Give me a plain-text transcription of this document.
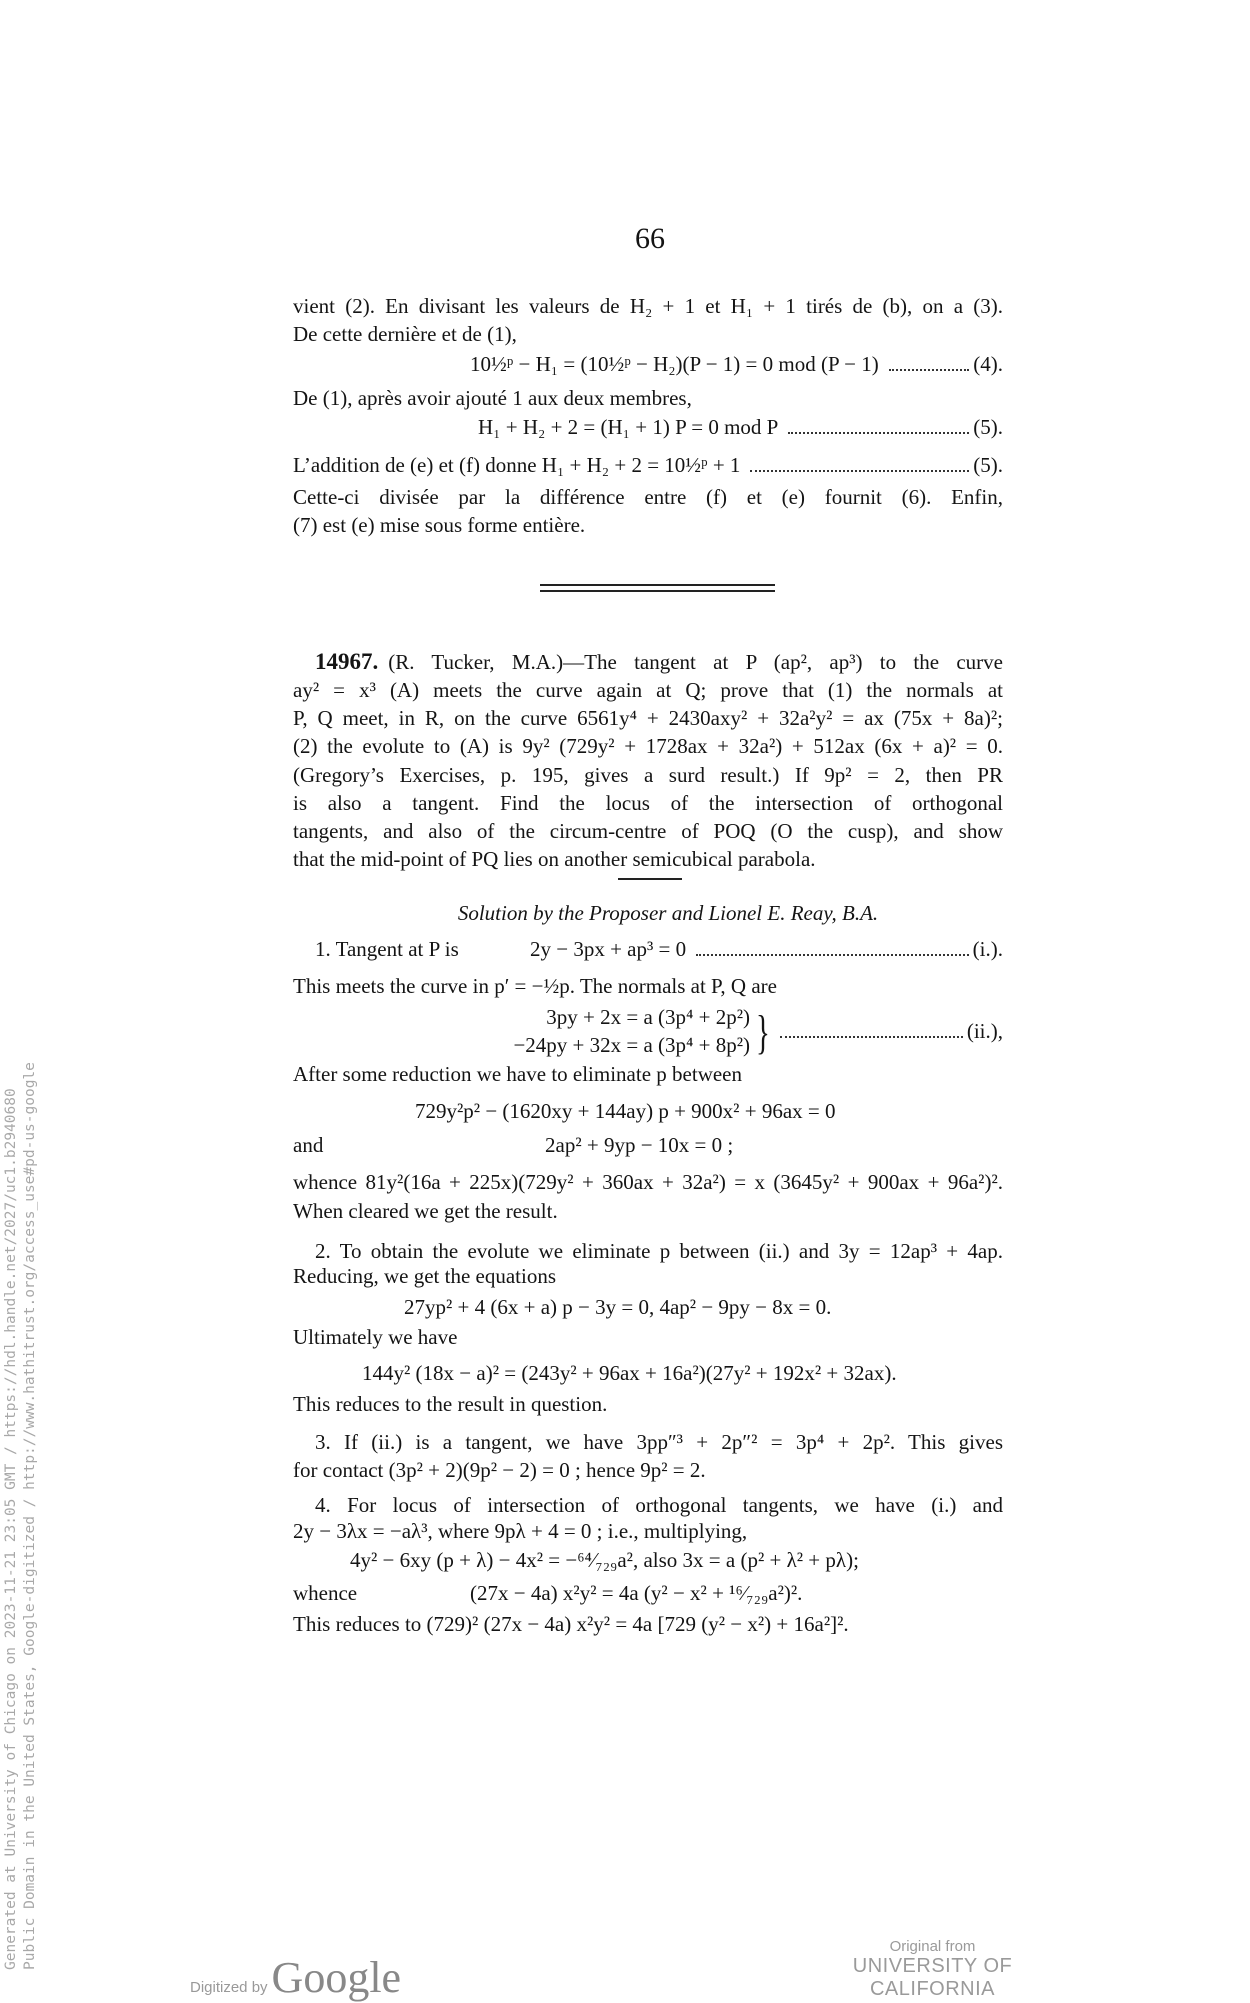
66
vient (2). En divisant les valeurs de H₂ + 1 et H₁ + 1 tirés de (b), on a (3).
De cette dernière et de (1),
10½ᵖ − H₁ = (10½ᵖ − H₂)(P − 1) = 0 mod (P − 1)	(4).
De (1), après avoir ajouté 1 aux deux membres,
H₁ + H₂ + 2 = (H₁ + 1) P = 0 mod P	(5).
L’addition de (e) et (f) donne H₁ + H₂ + 2 = 10½ᵖ + 1	(5).
Cette-ci divisée par la différence entre (f) et (e) fournit (6). Enfin,
(7) est (e) mise sous forme entière.
14967. (R. Tucker, M.A.)—The tangent at P (ap², ap³) to the curve
ay² = x³ (A) meets the curve again at Q; prove that (1) the normals at
P, Q meet, in R, on the curve 6561y⁴ + 2430axy² + 32a²y² = ax (75x + 8a)²;
(2) the evolute to (A) is 9y² (729y² + 1728ax + 32a²) + 512ax (6x + a)² = 0.
(Gregory’s Exercises, p. 195, gives a surd result.) If 9p² = 2, then PR
is also a tangent. Find the locus of the intersection of orthogonal
tangents, and also of the circum-centre of POQ (O the cusp), and show
that the mid-point of PQ lies on another semicubical parabola.
Solution by the Proposer and Lionel E. Reay, B.A.
1. Tangent at P is	2y − 3px + ap³ = 0	(i.).
This meets the curve in p′ = −½p. The normals at P, Q are
3py + 2x = a (3p⁴ + 2p²)
−24py + 32x = a (3p⁴ + 8p²) }	(ii.),
After some reduction we have to eliminate p between
729y²p² − (1620xy + 144ay) p + 900x² + 96ax = 0
and	2ap² + 9yp − 10x = 0 ;
whence 81y²(16a + 225x)(729y² + 360ax + 32a²) = x (3645y² + 900ax + 96a²)².
When cleared we get the result.
2. To obtain the evolute we eliminate p between (ii.) and 3y = 12ap³ + 4ap.
Reducing, we get the equations
27yp² + 4 (6x + a) p − 3y = 0, 4ap² − 9py − 8x = 0.
Ultimately we have
144y² (18x − a)² = (243y² + 96ax + 16a²)(27y² + 192x² + 32ax).
This reduces to the result in question.
3. If (ii.) is a tangent, we have 3pp″³ + 2p″² = 3p⁴ + 2p². This gives
for contact (3p² + 2)(9p² − 2) = 0 ; hence 9p² = 2.
4. For locus of intersection of orthogonal tangents, we have (i.) and
2y − 3λx = −aλ³, where 9pλ + 4 = 0 ; i.e., multiplying,
4y² − 6xy (p + λ) − 4x² = −⁶⁴⁄₇₂₉a², also 3x = a (p² + λ² + pλ);
whence	(27x − 4a) x²y² = 4a (y² − x² + ¹⁶⁄₇₂₉a²)².
This reduces to (729)² (27x − 4a) x²y² = 4a [729 (y² − x²) + 16a²]².
Generated at University of Chicago on 2023-11-21 23:05 GMT / https://hdl.handle.net/2027/uc1.b2940680 Public Domain in the United States, Google-digitized / http://www.hathitrust.org/access_use#pd-us-google
Digitized byGoogle
Original from
UNIVERSITY OF CALIFORNIA
